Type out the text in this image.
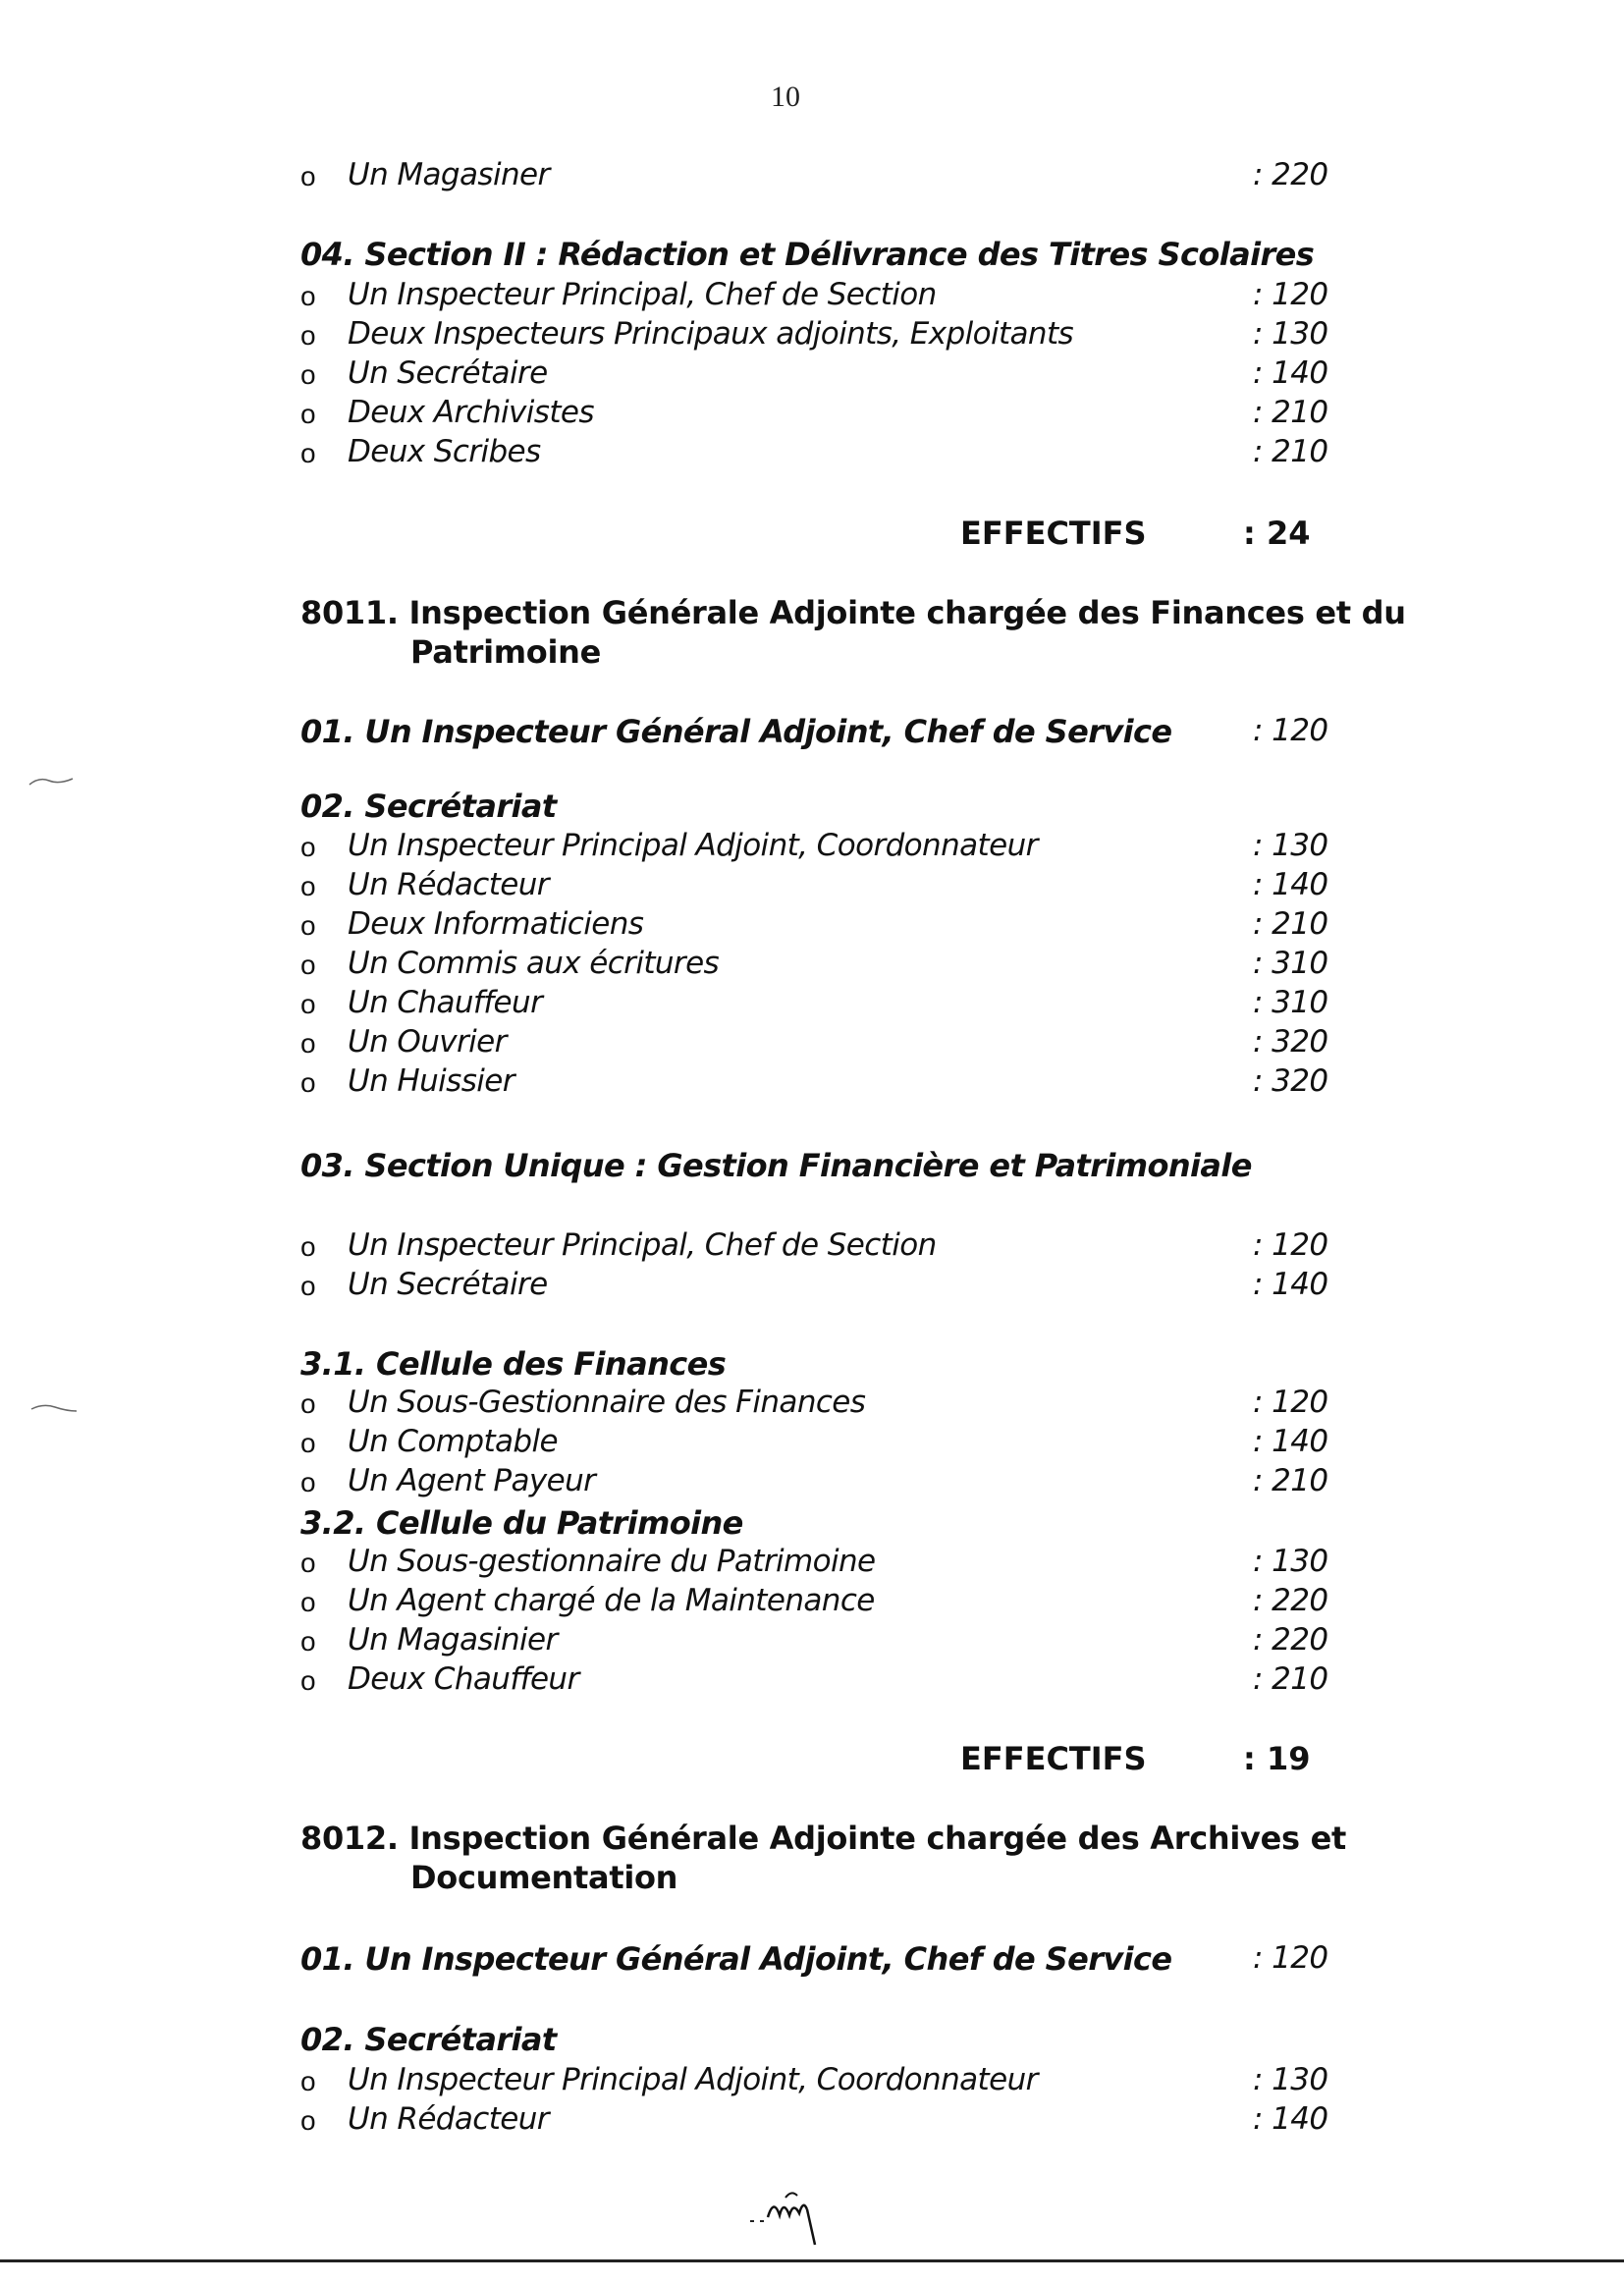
10
o Un Magasiner	: 220
04. Section II : Rédaction et Délivrance des Titres Scolaires
o Un Inspecteur Principal, Chef de Section	: 120
o Deux Inspecteurs Principaux adjoints, Exploitants	: 130
o Un Secrétaire	: 140
o Deux Archivistes	: 210
o Deux Scribes	: 210
EFFECTIFS	: 24
8011. Inspection Générale Adjointe chargée des Finances et du
Patrimoine
01. Un Inspecteur Général Adjoint, Chef de Service	: 120
02. Secrétariat
o Un Inspecteur Principal Adjoint, Coordonnateur	: 130
o Un Rédacteur	: 140
o Deux Informaticiens	: 210
o Un Commis aux écritures	: 310
o Un Chauffeur	: 310
o Un Ouvrier	: 320
o Un Huissier	: 320
03. Section Unique : Gestion Financière et Patrimoniale
o Un Inspecteur Principal, Chef de Section	: 120
o Un Secrétaire	: 140
3.1. Cellule des Finances
o Un Sous-Gestionnaire des Finances	: 120
o Un Comptable	: 140
o Un Agent Payeur	: 210
3.2. Cellule du Patrimoine
o Un Sous-gestionnaire du Patrimoine	: 130
o Un Agent chargé de la Maintenance	: 220
o Un Magasinier	: 220
o Deux Chauffeur	: 210
EFFECTIFS	: 19
8012. Inspection Générale Adjointe chargée des Archives et
Documentation
01. Un Inspecteur Général Adjoint, Chef de Service	: 120
02. Secrétariat
o Un Inspecteur Principal Adjoint, Coordonnateur	: 130
o Un Rédacteur	: 140
